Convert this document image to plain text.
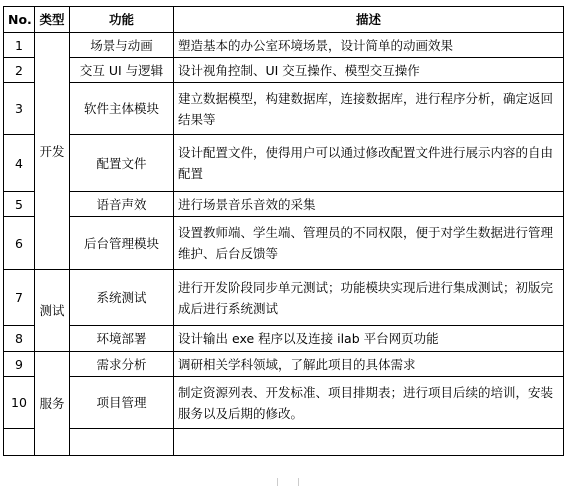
No.	类型	功能	描述
1	开发	场景与动画	塑造基本的办公室环境场景，设计简单的动画效果
2		交互 UI 与逻辑	设计视角控制、UI 交互操作、模型交互操作
3		软件主体模块	建立数据模型，构建数据库，连接数据库，进行程序分析，确定返回结果等
4		配置文件	设计配置文件，使得用户可以通过修改配置文件进行展示内容的自由配置
5		语音声效	进行场景音乐音效的采集
6		后台管理模块	设置教师端、学生端、管理员的不同权限，便于对学生数据进行管理维护、后台反馈等
7	测试	系统测试	进行开发阶段同步单元测试；功能模块实现后进行集成测试；初版完成后进行系统测试
8		环境部署	设计输出 exe 程序以及连接 ilab 平台网页功能
9	服务	需求分析	调研相关学科领域，了解此项目的具体需求
10		项目管理	制定资源列表、开发标准、项目排期表；进行项目后续的培训，安装服务以及后期的修改。
